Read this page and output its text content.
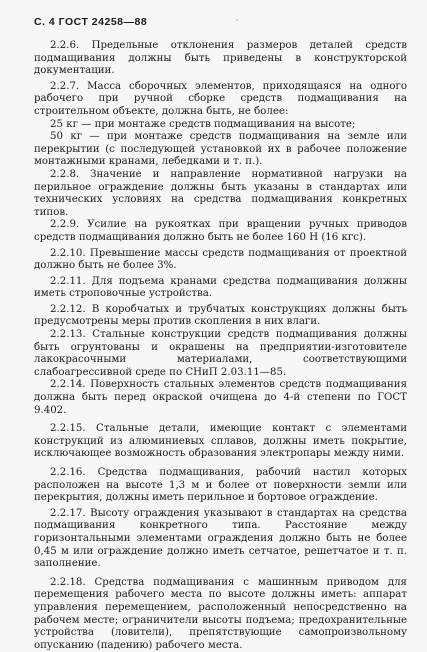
С. 4 ГОСТ 24258—88	'

2.2.6. Предельные отклонения размеров деталей средств подмащивания должны быть приведены в конструкторской документации.

2.2.7. Масса сборочных элементов, приходящаяся на одного рабочего при ручной сборке средств подмащивания на строительном объекте, должна быть, не более:

25 кг — при монтаже средств подмащивания на высоте;

50 кг — при монтаже средств подмащивания на земле или перекрытии (с последующей установкой их в рабочее положение монтажными кранами, лебедками и т. п.).

2.2.8. Значение и направление нормативной нагрузки на перильное ограждение должны быть указаны в стандартах или технических условиях на средства подмащивания конкретных типов.

2.2.9. Усилие на рукоятках при вращении ручных приводов средств подмащивания должно быть не более 160 Н (16 кгс).

2.2.10. Превышение массы средств подмащивания от проектной должно быть не более 3%.

2.2.11. Для подъема кранами средства подмащивания должны иметь строповочные устройства.

2.2.12. В коробчатых и трубчатых конструкциях должны быть предусмотрены меры против скопления в них влаги.

2.2.13. Стальные конструкции средств подмащивания должны быть огрунтованы и окрашены на предприятии-изготовителе лакокрасочными материалами, соответствующими слабоагрессивной среде по СНиП 2.03.11—85.

2.2.14. Поверхность стальных элементов средств подмащивания должна быть перед окраской очищена до 4-й степени по ГОСТ 9.402.

2.2.15. Стальные детали, имеющие контакт с элементами конструкций из алюминиевых сплавов, должны иметь покрытие, исключающее возможность образования электропары между ними.

2.2.16. Средства подмащивания, рабочий настил которых расположен на высоте 1,3 м и более от поверхности земли или перекрытия, должны иметь перильное и бортовое ограждение.

2.2.17. Высоту ограждения указывают в стандартах на средства подмащивания конкретного типа. Расстояние между горизонтальными элементами ограждения должно быть не более 0,45 м или ограждение должно иметь сетчатое, решетчатое и т. п. заполнение.

2.2.18. Средства подмащивания с машинным приводом для перемещения рабочего места по высоте должны иметь: аппарат управления перемещением, расположенный непосредственно на рабочем месте; ограничители высоты подъема; предохранительные устройства (ловители), препятствующие самопроизвольному опусканию (падению) рабочего места.
